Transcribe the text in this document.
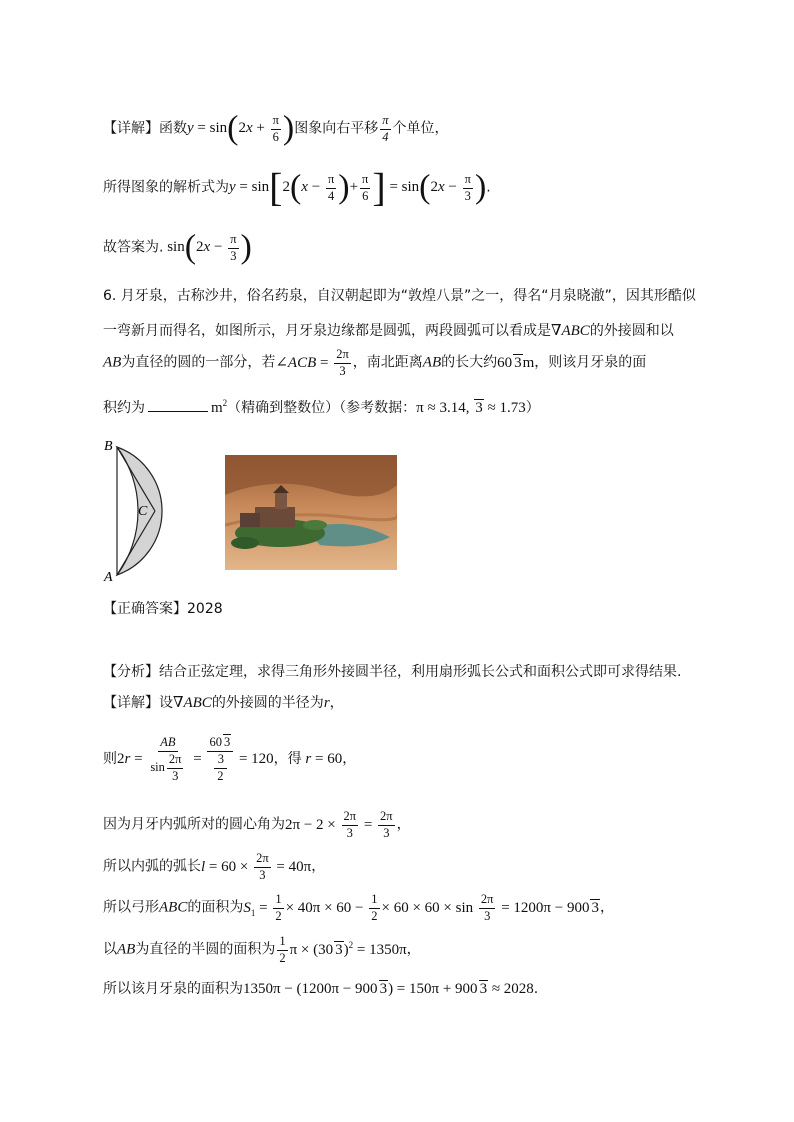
【详解】函数$y = \sin(2x + \frac{\pi}{6}$ )图象向右平移 $\frac{\pi}{4}$ 个单位，
所得图象的解析式为$y = \sin[2(x - \frac{\pi}{4}$ )+ $\frac{\pi}{6}$ ] = $\sin(2x - \frac{\pi}{3}$ ).
故答案为. $\sin(2x - \frac{\pi}{3}$ )
6. 月牙泉，古称沙井，俗名药泉，自汉朝起即为“敦煌八景”之一，得名“月泉晓澈”，因其形酷似
一弯新月而得名，如图所示，月牙泉边缘都是圆弧，两段圆弧可以看成是∇ABC的外接圆和以
AB为直径的圆的一部分，若∠ACB = $\frac{2\pi}{3}$ ，南北距离AB的长大约60 3m，则该月牙泉的面
积约为	$m^2$（精确到整数位）（参考数据：π ≈ 3.14, 3 ≈ 1.73）
B
C
A
【正确答案】2028
【分析】结合正弦定理，求得三角形外接圆半径，利用扇形弧长公式和面积公式即可求得结果.
【详解】设∇ABC的外接圆的半径为r，
则$2r = \frac{AB}{\sin \frac{2\pi}{3}} = \frac{60 3}{\frac{3}{2}} = 120$，得 r = 60，
因为月牙内弧所对的圆心角为$2\pi - 2 \times \frac{2\pi}{3} = \frac{2\pi}{3}$ ，
所以内弧的弧长$l = 60 \times \frac{2\pi}{3} = 40\pi$，
所以弓形ABC的面积为$S_1 = \frac{1}{2} \times 40\pi \times 60 - \frac{1}{2} \times 60 \times 60 \times \sin \frac{2\pi}{3} = 1200\pi - 900$ 3，
以AB为直径的半圆的面积为 $\frac{1}{2}$ π × (30 3)$^2$ = 1350π，
所以该月牙泉的面积为1350π − (1200π − 900 3) = 150π + 900 3 ≈ 2028.
